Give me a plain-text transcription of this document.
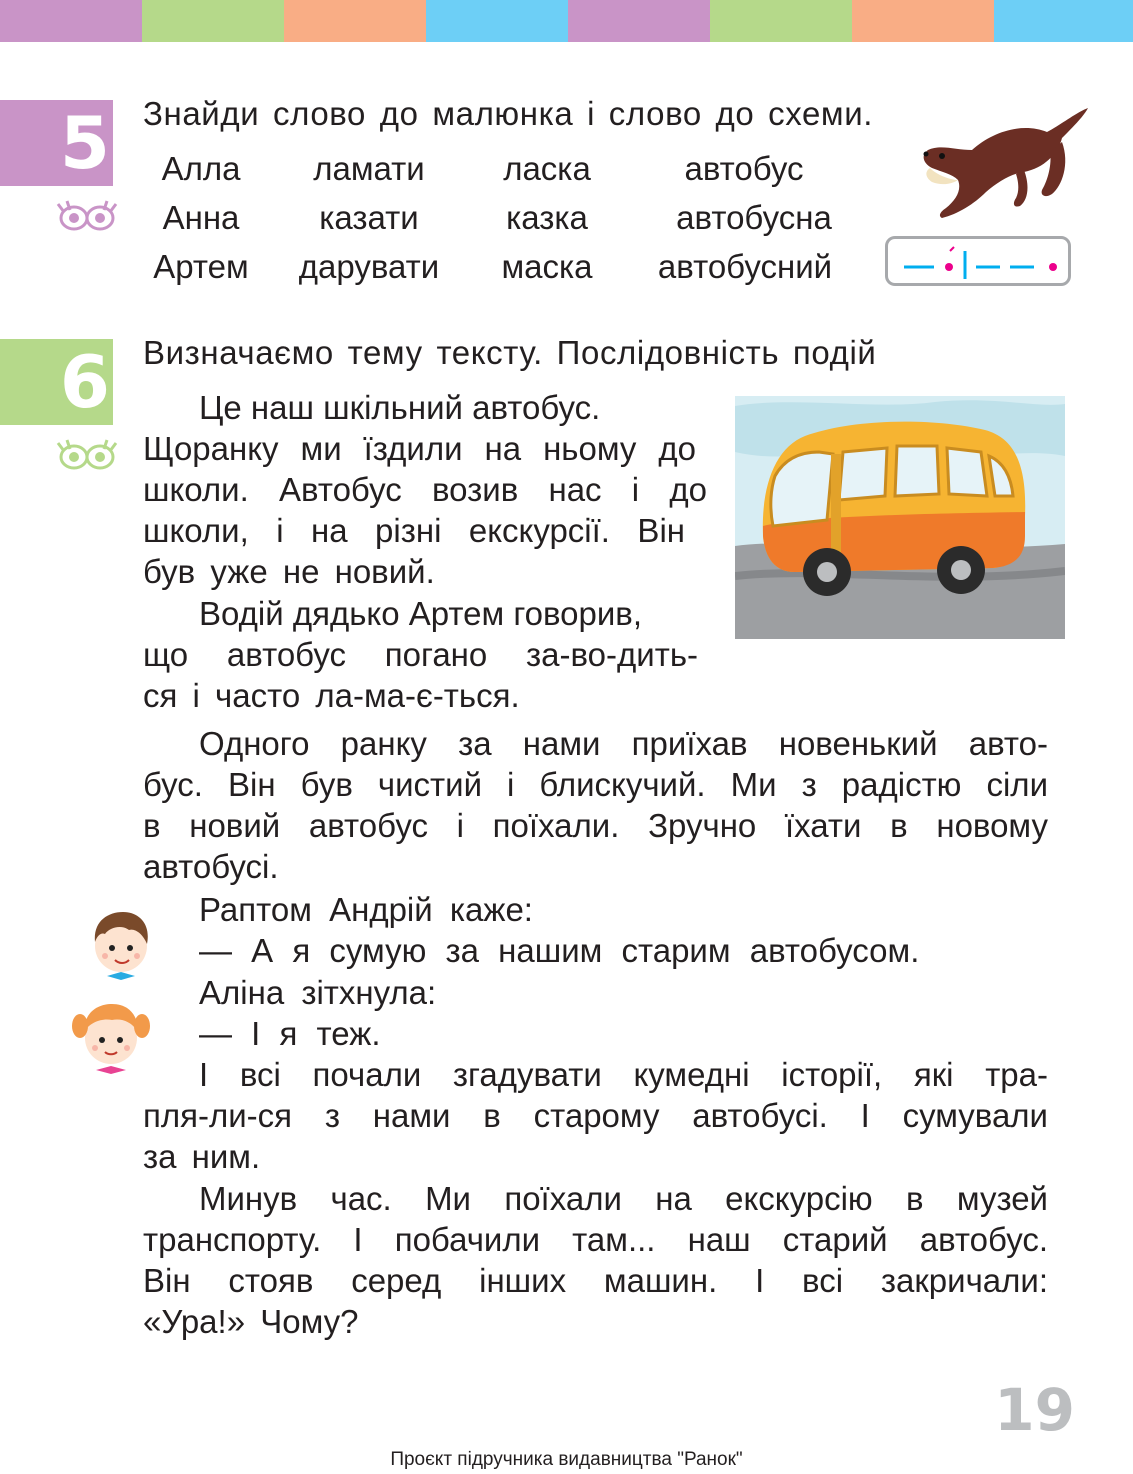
5 Знайди слово до малюнка і слово до схеми.
Алла	ламати	ласка	автобус
Анна	казати	казка	автобусна
Артем	дарувати	маска	автобусний
6 Визначаємо тему тексту. Послідовність подій
Це наш шкільний автобус.
Щоранку ми їздили на ньому до
школи. Автобус возив нас і до
школи, і на різні екскурсії. Він
був уже не новий.
Водій дядько Артем говорив,
що автобус погано за-во-дить-
ся і часто ла-ма-є-ться.
Одного ранку за нами приїхав новенький авто-
бус. Він був чистий і блискучий. Ми з радістю сіли
в новий автобус і поїхали. Зручно їхати в новому
автобусі.
Раптом Андрій каже:
— А я сумую за нашим старим автобусом.
Аліна зітхнула:
— І я теж.
І всі почали згадувати кумедні історії, які тра-
пля-ли-ся з нами в старому автобусі. І сумували
за ним.
Минув час. Ми поїхали на екскурсію в музей
транспорту. І побачили там... наш старий автобус.
Він стояв серед інших машин. І всі закричали:
«Ура!» Чому?
19
Проєкт підручника видавництва "Ранок"
